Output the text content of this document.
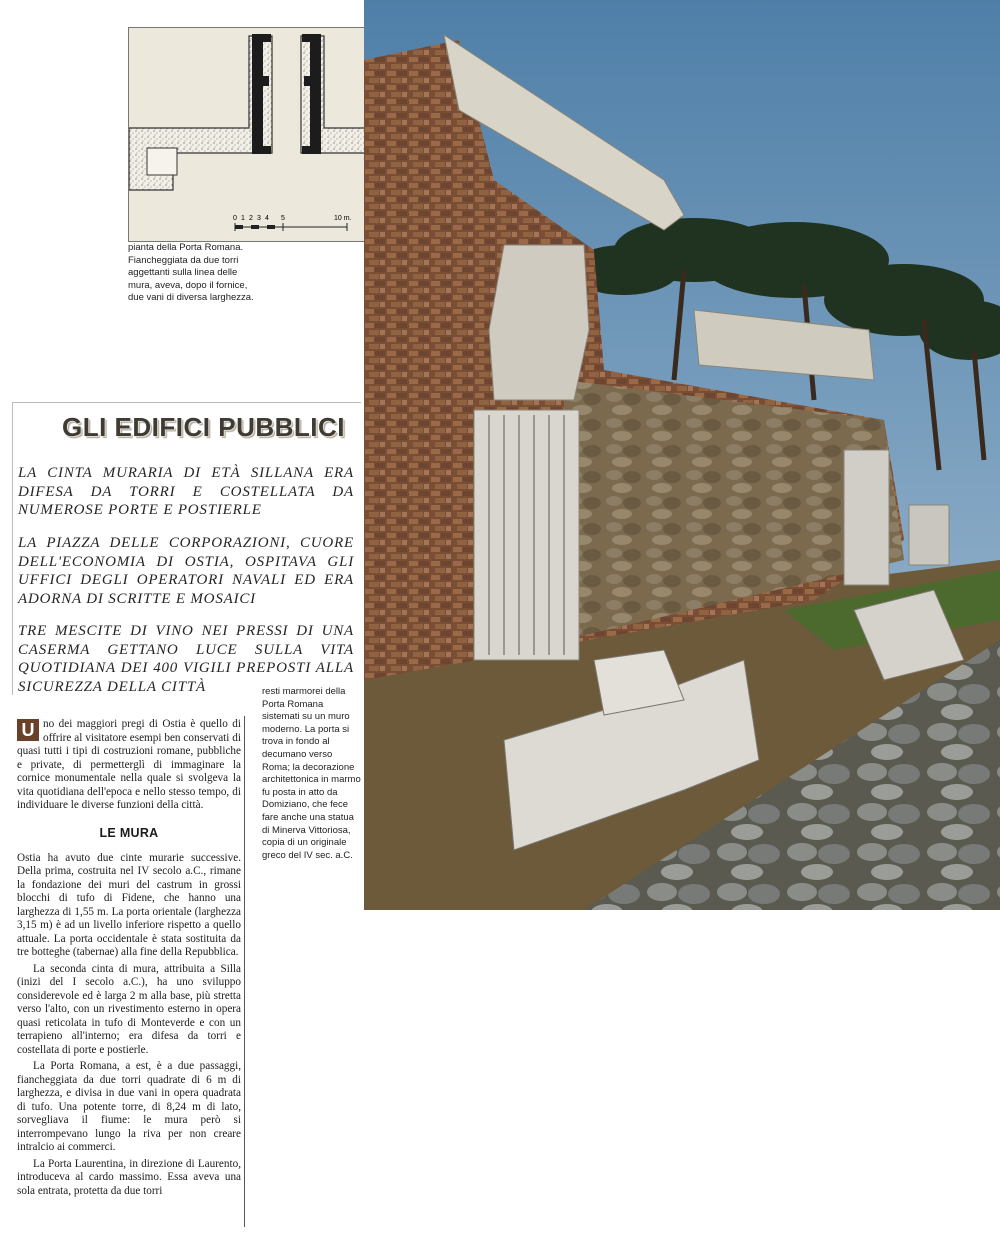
0 1 2 3 4 5	10 m.
pianta della Porta Romana. Fiancheggiata da due torri aggettanti sulla linea delle mura, aveva, dopo il fornice, due vani di diversa larghezza.
resti marmorei della Porta Romana sistemati su un muro moderno. La porta si trova in fondo al decumano verso Roma; la decorazione architettonica in marmo fu posta in atto da Domiziano, che fece fare anche una statua di Minerva Vittoriosa, copia di un originale greco del IV sec. a.C.
GLI EDIFICI PUBBLICI

LA CINTA MURARIA DI ETÀ SILLANA ERA DIFESA DA TORRI E COSTELLATA DA NUMEROSE PORTE E POSTIERLE

LA PIAZZA DELLE CORPORAZIONI, CUORE DELL'ECONOMIA DI OSTIA, OSPITAVA GLI UFFICI DEGLI OPERATORI NAVALI ED ERA ADORNA DI SCRITTE E MOSAICI

TRE MESCITE DI VINO NEI PRESSI DI UNA CASERMA GETTANO LUCE SULLA VITA QUOTIDIANA DEI 400 VIGILI PREPOSTI ALLA SICUREZZA DELLA CITTÀ

U no dei maggiori pregi di Ostia è quello di offrire al visitatore esempi ben conservati di quasi tutti i tipi di costruzioni romane, pubbliche e private, di permetterglì di immaginare la cornice monumentale nella quale si svolgeva la vita quotidiana dell'epoca e nello stesso tempo, di individuare le diverse funzioni della città.

LE MURA

Ostia ha avuto due cinte murarie successive. Della prima, costruita nel IV secolo a.C., rimane la fondazione dei muri del castrum in grossi blocchi di tufo di Fidene, che hanno una larghezza di 1,55 m. La porta orientale (larghezza 3,15 m) è ad un livello inferiore rispetto a quello attuale. La porta occidentale è stata sostituita da tre botteghe (tabernae) alla fine della Repubblica.

La seconda cinta di mura, attribuita a Silla (inizi del I secolo a.C.), ha uno sviluppo considerevole ed è larga 2 m alla base, più stretta verso l'alto, con un rivestimento esterno in opera quasi reticolata in tufo di Monteverde e con un terrapieno all'interno; era difesa da torri e costellata di porte e postierle.

La Porta Romana, a est, è a due passaggi, fiancheggiata da due torri quadrate di 6 m di larghezza, e divisa in due vani in opera quadrata di tufo. Una potente torre, di 8,24 m di lato, sorvegliava il fiume: le mura però si interrompevano lungo la riva per non creare intralcio ai commerci.

La Porta Laurentina, in direzione di Laurento, introduceva al cardo massimo. Essa aveva una sola entrata, protetta da due torri
